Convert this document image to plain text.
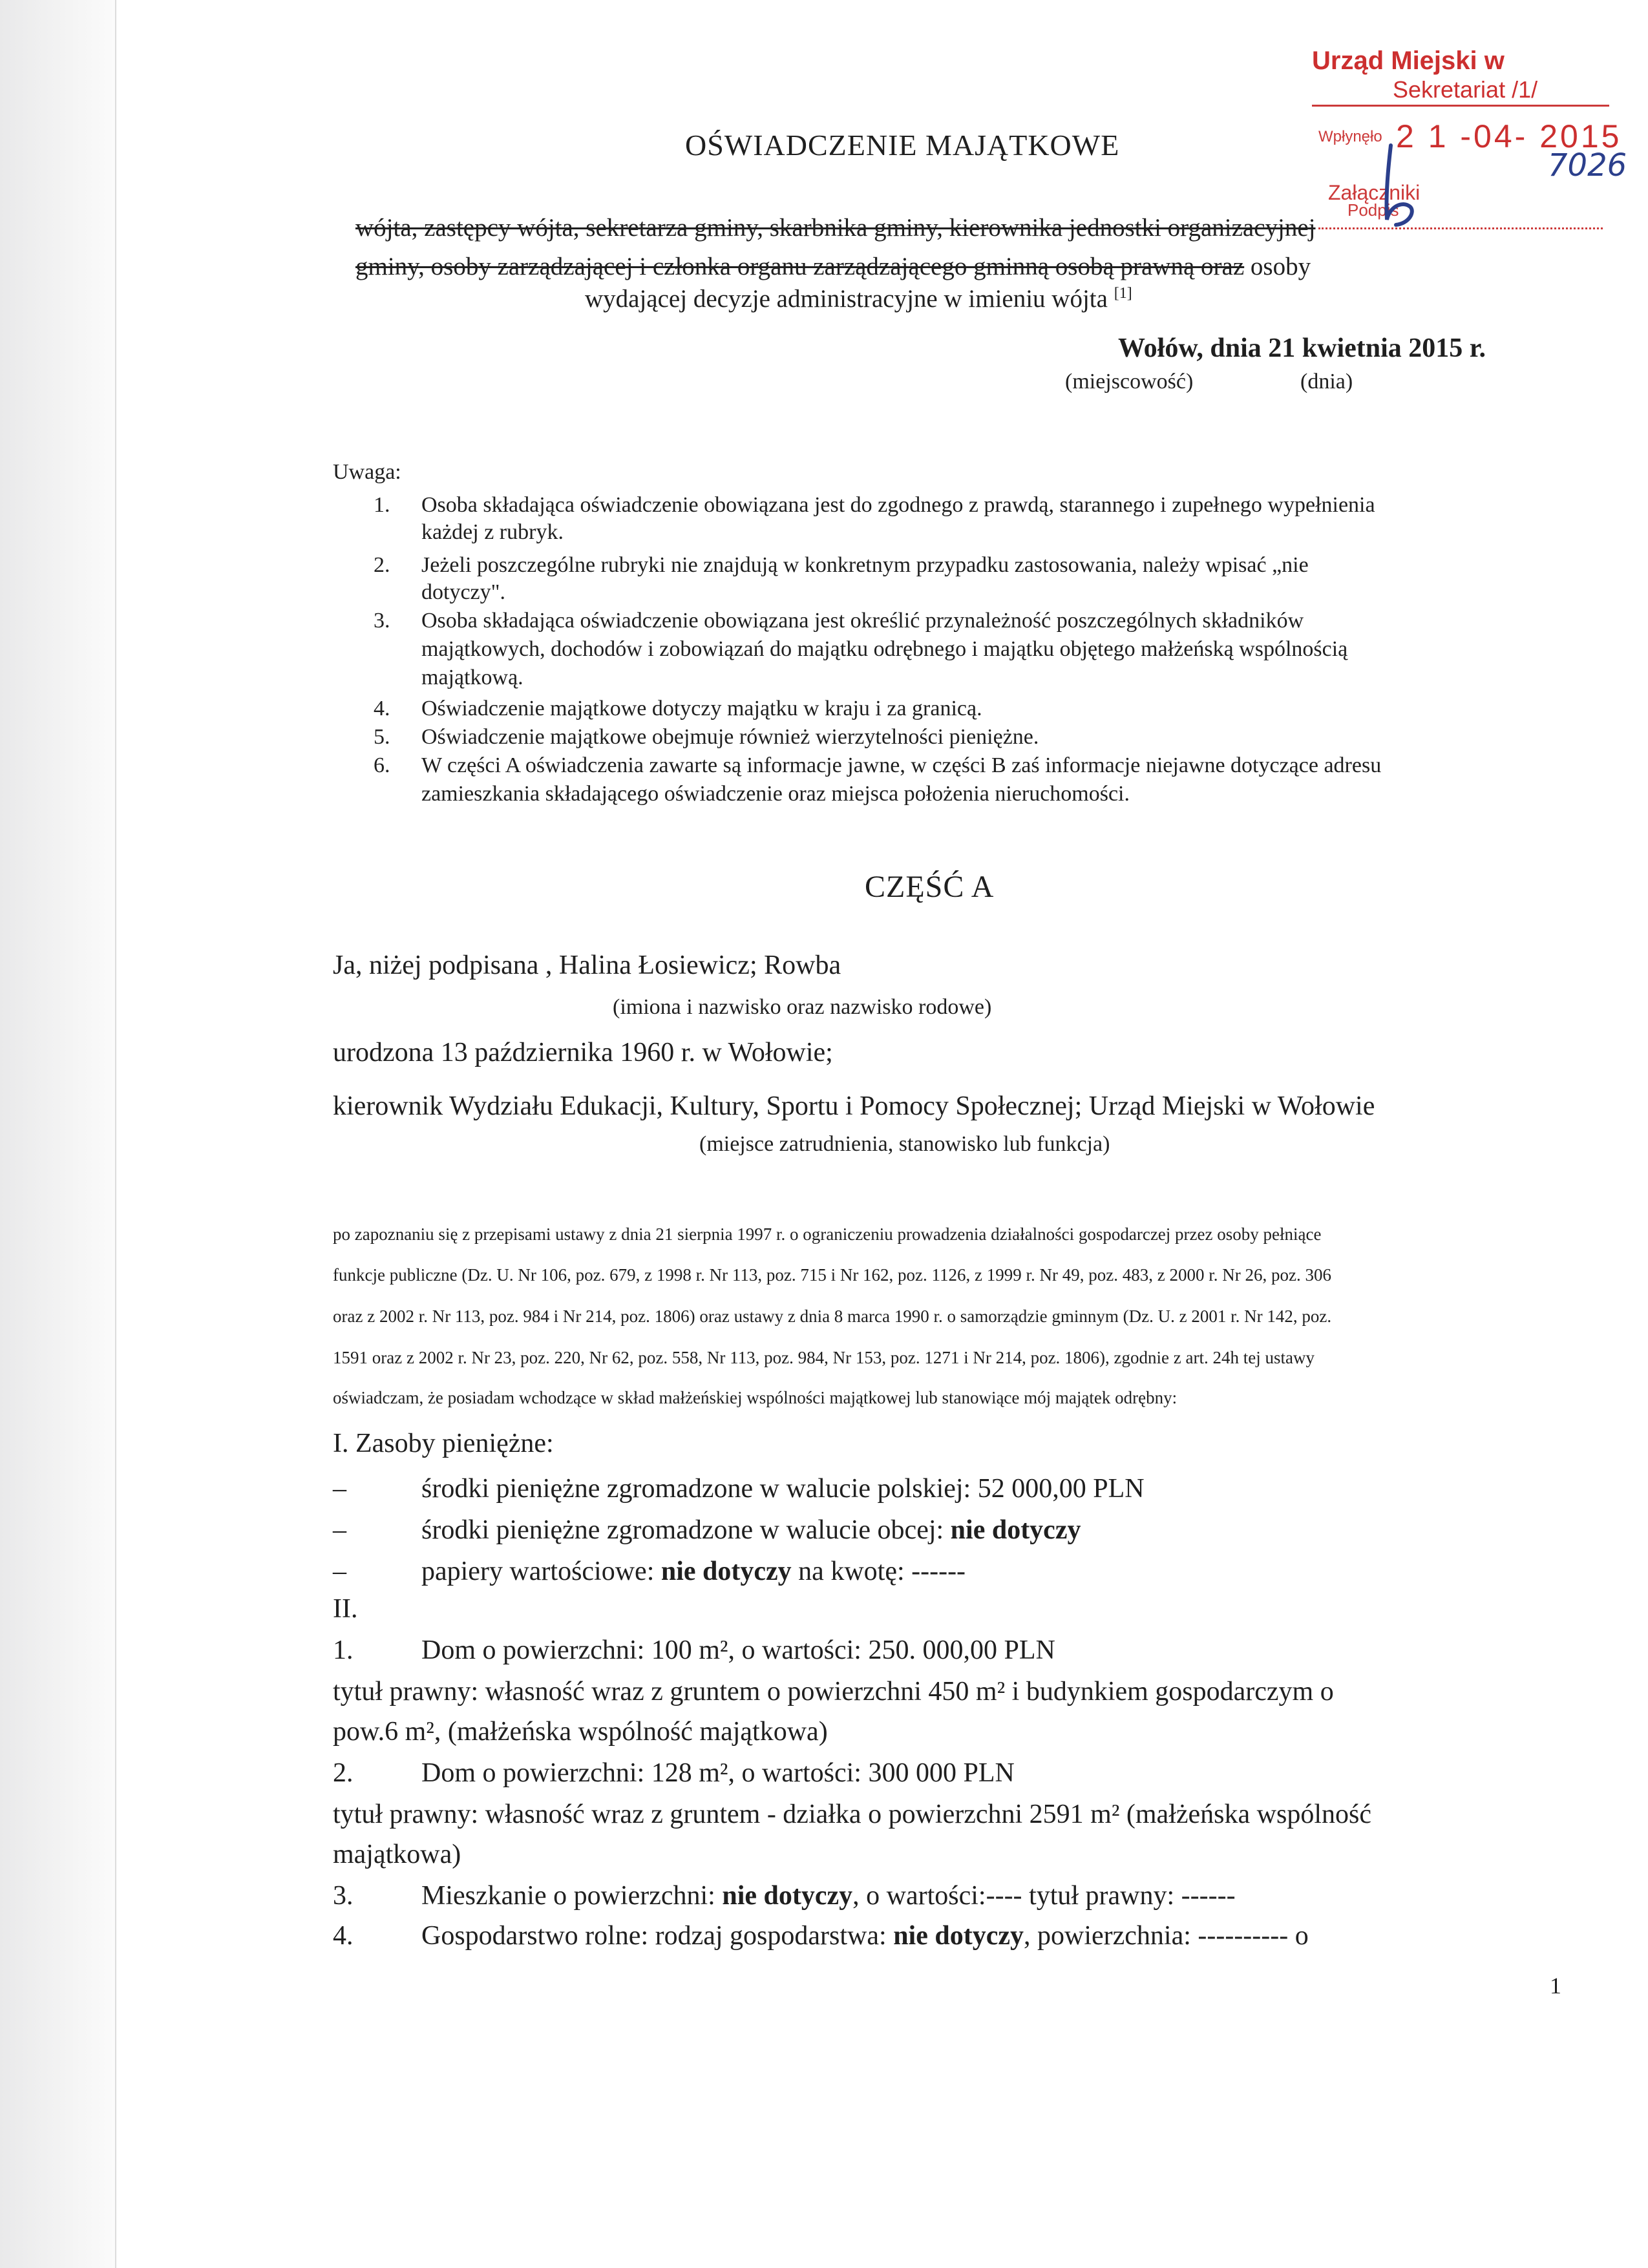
Urząd Miejski w
Sekretariat /1/
Wpłynęło 2 1 -04- 2015
Załączniki
Podpis
7026
OŚWIADCZENIE MAJĄTKOWE
wójta, zastępcy wójta, sekretarza gminy, skarbnika gminy, kierownika jednostki organizacyjnej
gminy, osoby zarządzającej i członka organu zarządzającego gminną osobą prawną oraz osoby
wydającej decyzje administracyjne w imieniu wójta [1]
Wołów, dnia 21 kwietnia 2015 r.
(miejscowość)	(dnia)
Uwaga:
1. Osoba składająca oświadczenie obowiązana jest do zgodnego z prawdą, starannego i zupełnego wypełnienia
każdej z rubryk.
2. Jeżeli poszczególne rubryki nie znajdują w konkretnym przypadku zastosowania, należy wpisać „nie
dotyczy".
3. Osoba składająca oświadczenie obowiązana jest określić przynależność poszczególnych składników
majątkowych, dochodów i zobowiązań do majątku odrębnego i majątku objętego małżeńską wspólnością
majątkową.
4. Oświadczenie majątkowe dotyczy majątku w kraju i za granicą.
5. Oświadczenie majątkowe obejmuje również wierzytelności pieniężne.
6. W części A oświadczenia zawarte są informacje jawne, w części B zaś informacje niejawne dotyczące adresu
zamieszkania składającego oświadczenie oraz miejsca położenia nieruchomości.
CZĘŚĆ A
Ja, niżej podpisana , Halina Łosiewicz; Rowba
(imiona i nazwisko oraz nazwisko rodowe)
urodzona 13 października 1960 r. w Wołowie;
kierownik Wydziału Edukacji, Kultury, Sportu i Pomocy Społecznej; Urząd Miejski w Wołowie
(miejsce zatrudnienia, stanowisko lub funkcja)
po zapoznaniu się z przepisami ustawy z dnia 21 sierpnia 1997 r. o ograniczeniu prowadzenia działalności gospodarczej przez osoby pełniące
funkcje publiczne (Dz. U. Nr 106, poz. 679, z 1998 r. Nr 113, poz. 715 i Nr 162, poz. 1126, z 1999 r. Nr 49, poz. 483, z 2000 r. Nr 26, poz. 306
oraz z 2002 r. Nr 113, poz. 984 i Nr 214, poz. 1806) oraz ustawy z dnia 8 marca 1990 r. o samorządzie gminnym (Dz. U. z 2001 r. Nr 142, poz.
1591 oraz z 2002 r. Nr 23, poz. 220, Nr 62, poz. 558, Nr 113, poz. 984, Nr 153, poz. 1271 i Nr 214, poz. 1806), zgodnie z art. 24h tej ustawy
oświadczam, że posiadam wchodzące w skład małżeńskiej wspólności majątkowej lub stanowiące mój majątek odrębny:
I. Zasoby pieniężne:
–	środki pieniężne zgromadzone w walucie polskiej: 52 000,00 PLN
–	środki pieniężne zgromadzone w walucie obcej: nie dotyczy
–	papiery wartościowe: nie dotyczy na kwotę: ------
II.
1.	Dom o powierzchni: 100 m², o wartości: 250. 000,00 PLN
tytuł prawny: własność wraz z gruntem o powierzchni 450 m² i budynkiem gospodarczym o
pow.6 m², (małżeńska wspólność majątkowa)
2.	Dom o powierzchni: 128 m², o wartości: 300 000 PLN
tytuł prawny: własność wraz z gruntem - działka o powierzchni 2591 m² (małżeńska wspólność
majątkowa)
3.	Mieszkanie o powierzchni: nie dotyczy, o wartości:---- tytuł prawny: ------
4.	Gospodarstwo rolne: rodzaj gospodarstwa: nie dotyczy, powierzchnia: ---------- o
1
